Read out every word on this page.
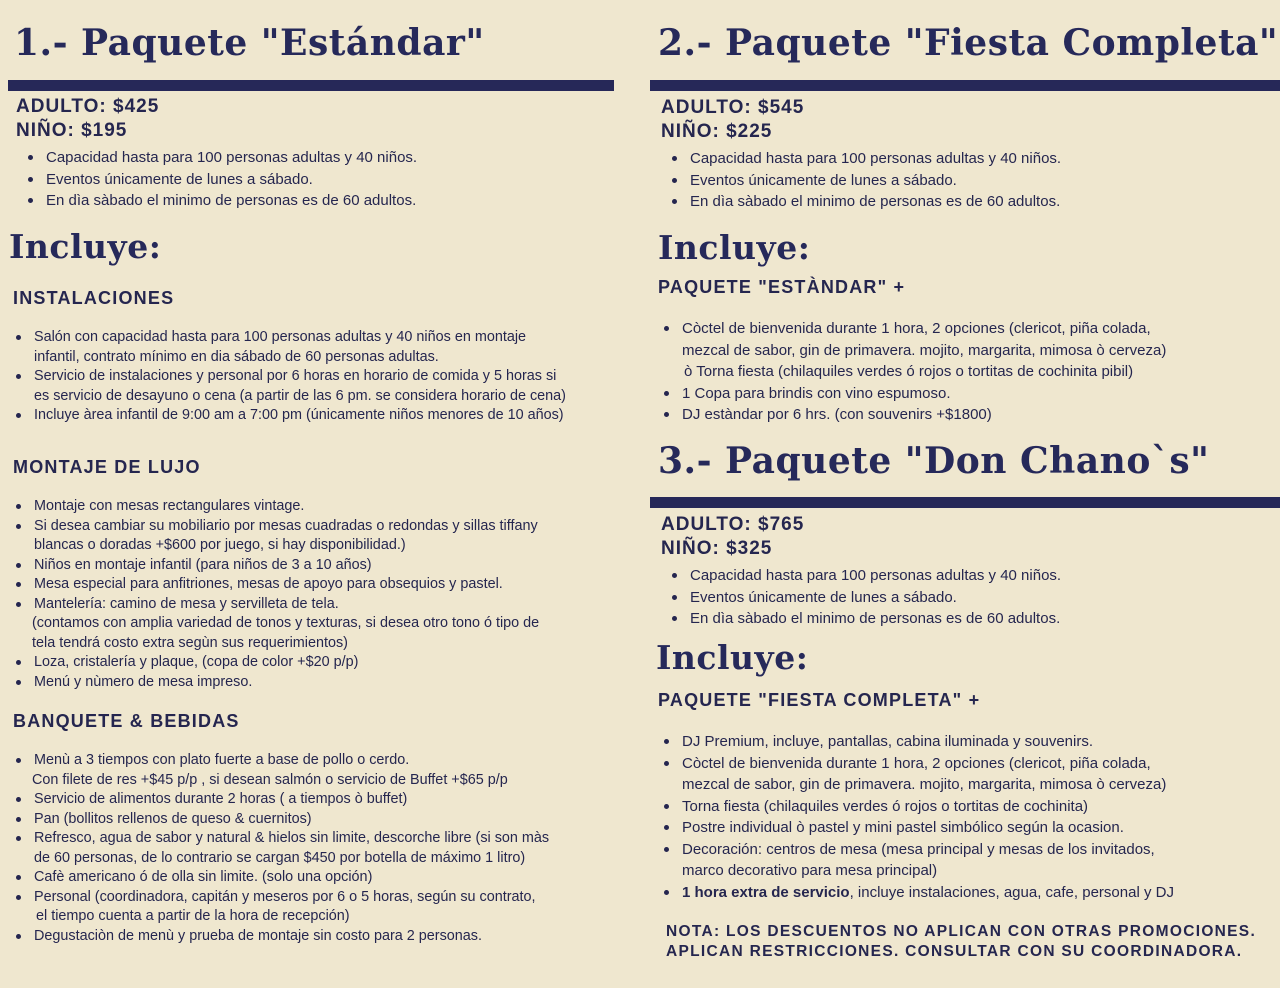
1.- Paquete "Estándar"
ADULTO: $425
NIÑO: $195
Capacidad hasta para 100 personas adultas y 40 niños.
Eventos únicamente de lunes a sábado.
En dìa sàbado el minimo de personas es de 60 adultos.
Incluye:
INSTALACIONES
Salón con capacidad hasta para 100 personas adultas y 40 niños en montaje
infantil, contrato mínimo en dia sábado de 60 personas adultas.
Servicio de instalaciones y personal por 6 horas en horario de comida y 5 horas si
es servicio de desayuno o cena (a partir de las 6 pm. se considera horario de cena)
Incluye àrea infantil de 9:00 am a 7:00 pm (únicamente niños menores de 10 años)
MONTAJE DE LUJO
Montaje con mesas rectangulares vintage.
Si desea cambiar su mobiliario por mesas cuadradas o redondas y sillas tiffany
blancas o doradas +$600 por juego, si hay disponibilidad.)
Niños en montaje infantil (para niños de 3 a 10 años)
Mesa especial para anfitriones, mesas de apoyo para obsequios y pastel.
Mantelería: camino de mesa y servilleta de tela.
(contamos con amplia variedad de tonos y texturas, si desea otro tono ó tipo de
tela tendrá costo extra segùn sus requerimientos)
Loza, cristalería y plaque, (copa de color +$20 p/p)
Menú y nùmero de mesa impreso.
BANQUETE & BEBIDAS
Menù a 3 tiempos con plato fuerte a base de pollo o cerdo.
Con filete de res +$45 p/p , si desean salmón o servicio de Buffet +$65 p/p
Servicio de alimentos durante 2 horas ( a tiempos ò buffet)
Pan (bollitos rellenos de queso & cuernitos)
Refresco, agua de sabor y natural & hielos sin limite, descorche libre (si son màs
de 60 personas, de lo contrario se cargan $450 por botella de máximo 1 litro)
Cafè americano ó de olla sin limite. (solo una opción)
Personal (coordinadora, capitán y meseros por 6 o 5 horas, según su contrato,
el tiempo cuenta a partir de la hora de recepción)
Degustaciòn de menù y prueba de montaje sin costo para 2 personas.
2.- Paquete "Fiesta Completa"
ADULTO: $545
NIÑO: $225
Capacidad hasta para 100 personas adultas y 40 niños.
Eventos únicamente de lunes a sábado.
En dìa sàbado el minimo de personas es de 60 adultos.
Incluye:
PAQUETE "ESTÀNDAR" +
Còctel de bienvenida durante 1 hora, 2 opciones (clericot, piña colada,
mezcal de sabor, gin de primavera. mojito, margarita, mimosa ò cerveza)
ò Torna fiesta (chilaquiles verdes ó rojos o tortitas de cochinita pibil)
1 Copa para brindis con vino espumoso.
DJ estàndar por 6 hrs. (con souvenirs +$1800)
3.- Paquete "Don Chano`s"
ADULTO: $765
NIÑO: $325
Capacidad hasta para 100 personas adultas y 40 niños.
Eventos únicamente de lunes a sábado.
En dìa sàbado el minimo de personas es de 60 adultos.
Incluye:
PAQUETE "FIESTA COMPLETA" +
DJ Premium, incluye, pantallas, cabina iluminada y souvenirs.
Còctel de bienvenida durante 1 hora, 2 opciones (clericot, piña colada,
mezcal de sabor, gin de primavera. mojito, margarita, mimosa ò cerveza)
Torna fiesta (chilaquiles verdes ó rojos o tortitas de cochinita)
Postre individual ò pastel y mini pastel simbólico según la ocasion.
Decoración: centros de mesa (mesa principal y mesas de los invitados,
marco decorativo para mesa principal)
1 hora extra de servicio, incluye instalaciones, agua, cafe, personal y DJ
NOTA: LOS DESCUENTOS NO APLICAN CON OTRAS PROMOCIONES.
APLICAN RESTRICCIONES. CONSULTAR CON SU COORDINADORA.
